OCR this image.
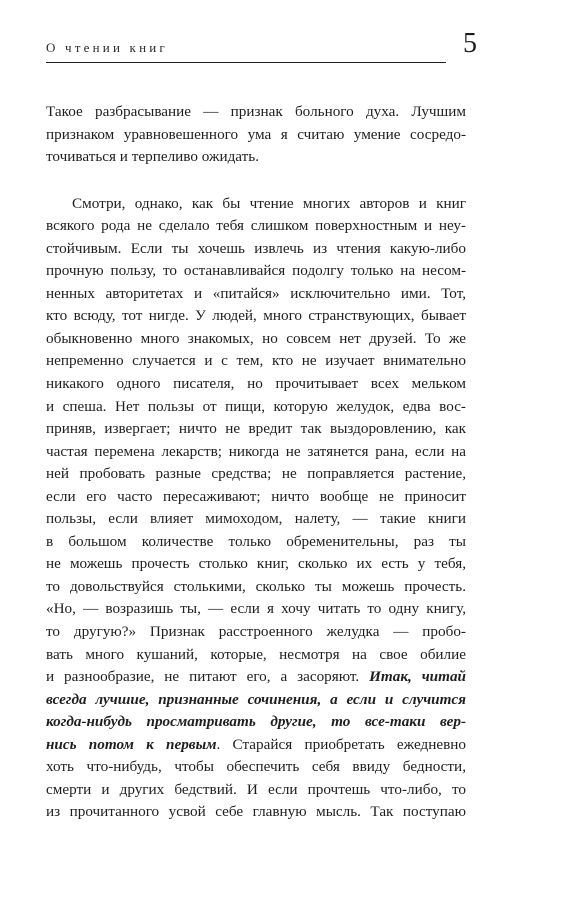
О чтении книг	5
Такое разбрасывание — признак больного духа. Лучшим
признаком уравновешенного ума я считаю умение сосредо-
точиваться и терпеливо ожидать.
Смотри, однако, как бы чтение многих авторов и книг
всякого рода не сделало тебя слишком поверхностным и неу-
стойчивым. Если ты хочешь извлечь из чтения какую-либо
прочную пользу, то останавливайся подолгу только на несом-
ненных авторитетах и «питайся» исключительно ими. Тот,
кто всюду, тот нигде. У людей, много странствующих, бывает
обыкновенно много знакомых, но совсем нет друзей. То же
непременно случается и с тем, кто не изучает внимательно
никакого одного писателя, но прочитывает всех мельком
и спеша. Нет пользы от пищи, которую желудок, едва вос-
приняв, извергает; ничто не вредит так выздоровлению, как
частая перемена лекарств; никогда не затянется рана, если на
ней пробовать разные средства; не поправляется растение,
если его часто пересаживают; ничто вообще не приносит
пользы, если влияет мимоходом, налету, — такие книги
в большом количестве только обременительны, раз ты
не можешь прочесть столько книг, сколько их есть у тебя,
то довольствуйся столькими, сколько ты можешь прочесть.
«Но, — возразишь ты, — если я хочу читать то одну книгу,
то другую?» Признак расстроенного желудка — пробо-
вать много кушаний, которые, несмотря на свое обилие
и разнообразие, не питают его, а засоряют. Итак, читай
всегда лучшие, признанные сочинения, а если и случится
когда-нибудь просматривать другие, то все-таки вер-
нись потом к первым. Старайся приобретать ежедневно
хоть что-нибудь, чтобы обеспечить себя ввиду бедности,
смерти и других бедствий. И если прочтешь что-либо, то
из прочитанного усвой себе главную мысль. Так поступаю
